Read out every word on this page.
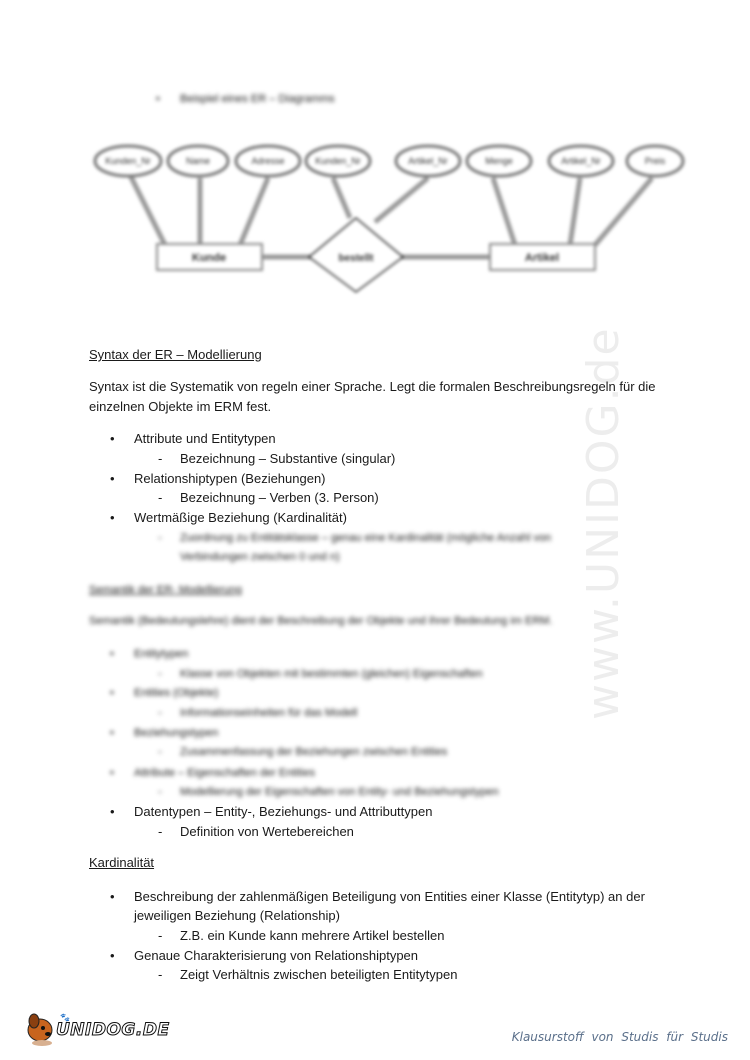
www.UNIDOG.de
• Beispiel eines ER – Diagramms
Kunden_Nr	Name	Adresse	Kunden_Nr	Artikel_Nr	Menge	Artikel_Nr	Preis
Kunde	Artikel
bestellt
Syntax der ER – Modellierung
Syntax ist die Systematik von regeln einer Sprache. Legt die formalen Beschreibungsregeln für die
einzelnen Objekte im ERM fest.
• Attribute und Entitytypen
- Bezeichnung – Substantive (singular)
• Relationshiptypen (Beziehungen)
- Bezeichnung – Verben (3. Person)
• Wertmäßige Beziehung (Kardinalität)
- Zuordnung zu Entitätsklasse – genau eine Kardinalität (mögliche Anzahl von
Verbindungen zwischen 0 und n)
Semantik der ER- Modellierung
Semantik (Bedeutungslehre) dient der Beschreibung der Objekte und ihrer Bedeutung im ERM.
• Entitytypen
- Klasse von Objekten mit bestimmten (gleichen) Eigenschaften
• Entities (Objekte)
- Informationseinheiten für das Modell
• Beziehungstypen
- Zusammenfassung der Beziehungen zwischen Entities
• Attribute – Eigenschaften der Entities
- Modellierung der Eigenschaften von Entity- und Beziehungstypen
• Datentypen – Entity-, Beziehungs- und Attributtypen
- Definition von Wertebereichen
Kardinalität
• Beschreibung der zahlenmäßigen Beteiligung von Entities einer Klasse (Entitytyp) an der
jeweiligen Beziehung (Relationship)
- Z.B. ein Kunde kann mehrere Artikel bestellen
• Genaue Charakterisierung von Relationshiptypen
- Zeigt Verhältnis zwischen beteiligten Entitytypen
🐾
UNIDOG.DE	Klausurstoff von Studis für Studis
